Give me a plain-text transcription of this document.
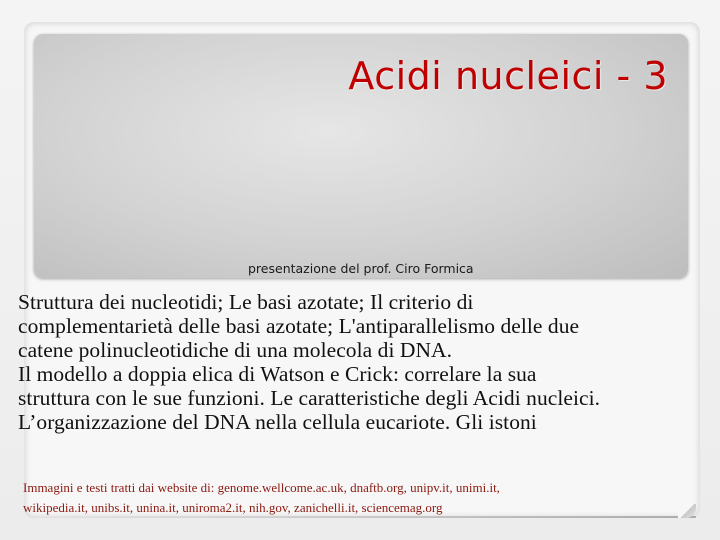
Acidi nucleici - 3

presentazione del prof. Ciro Formica

Struttura dei nucleotidi; Le basi azotate; Il criterio di
complementarietà delle basi azotate; L'antiparallelismo delle due
catene polinucleotidiche di una molecola di DNA.
Il modello a doppia elica di Watson e Crick: correlare la sua
struttura con le sue funzioni. Le caratteristiche degli Acidi nucleici.
L’organizzazione del DNA nella cellula eucariote. Gli istoni

Immagini e testi tratti dai website di: genome.wellcome.ac.uk, dnaftb.org, unipv.it, unimi.it,
wikipedia.it, unibs.it, unina.it, uniroma2.it, nih.gov, zanichelli.it, sciencemag.org
